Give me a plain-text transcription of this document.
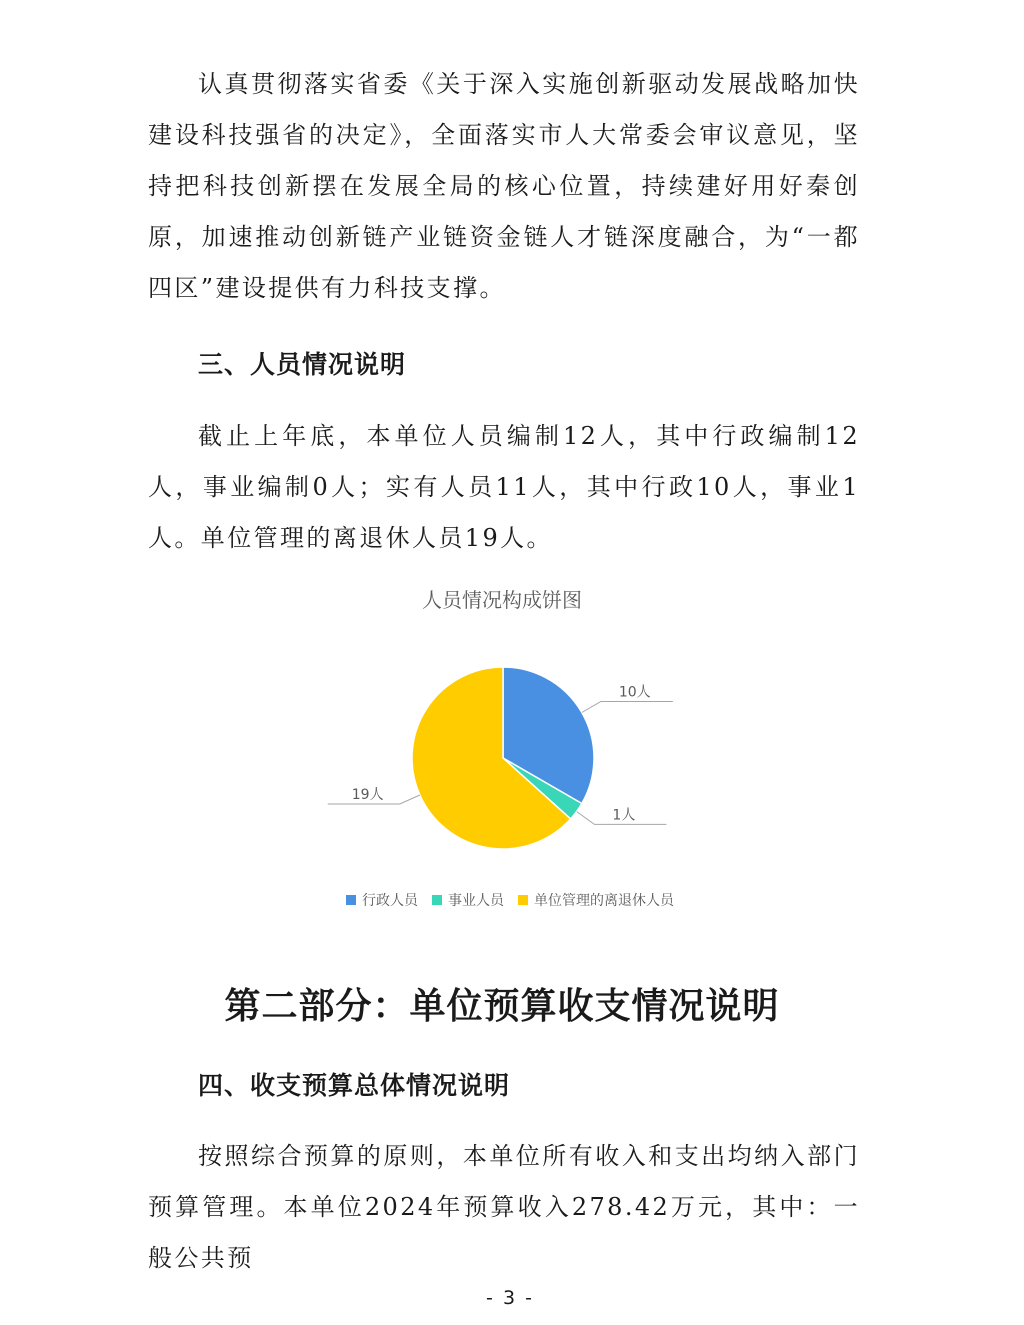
认真贯彻落实省委《关于深入实施创新驱动发展战略加快建设科技强省的决定》，全面落实市人大常委会审议意见，坚持把科技创新摆在发展全局的核心位置，持续建好用好秦创原，加速推动创新链产业链资金链人才链深度融合，为“一都四区”建设提供有力科技支撑。

三、人员情况说明

截止上年底，本单位人员编制12人，其中行政编制12人，事业编制0人；实有人员11人，其中行政10人，事业1人。单位管理的离退休人员19人。

人员情况构成饼图
10人
1人
19人
行政人员 事业人员 单位管理的离退休人员
第二部分：单位预算收支情况说明
四、收支预算总体情况说明

按照综合预算的原则，本单位所有收入和支出均纳入部门预算管理。本单位2024年预算收入278.42万元，其中：一般公共预

- 3 -
